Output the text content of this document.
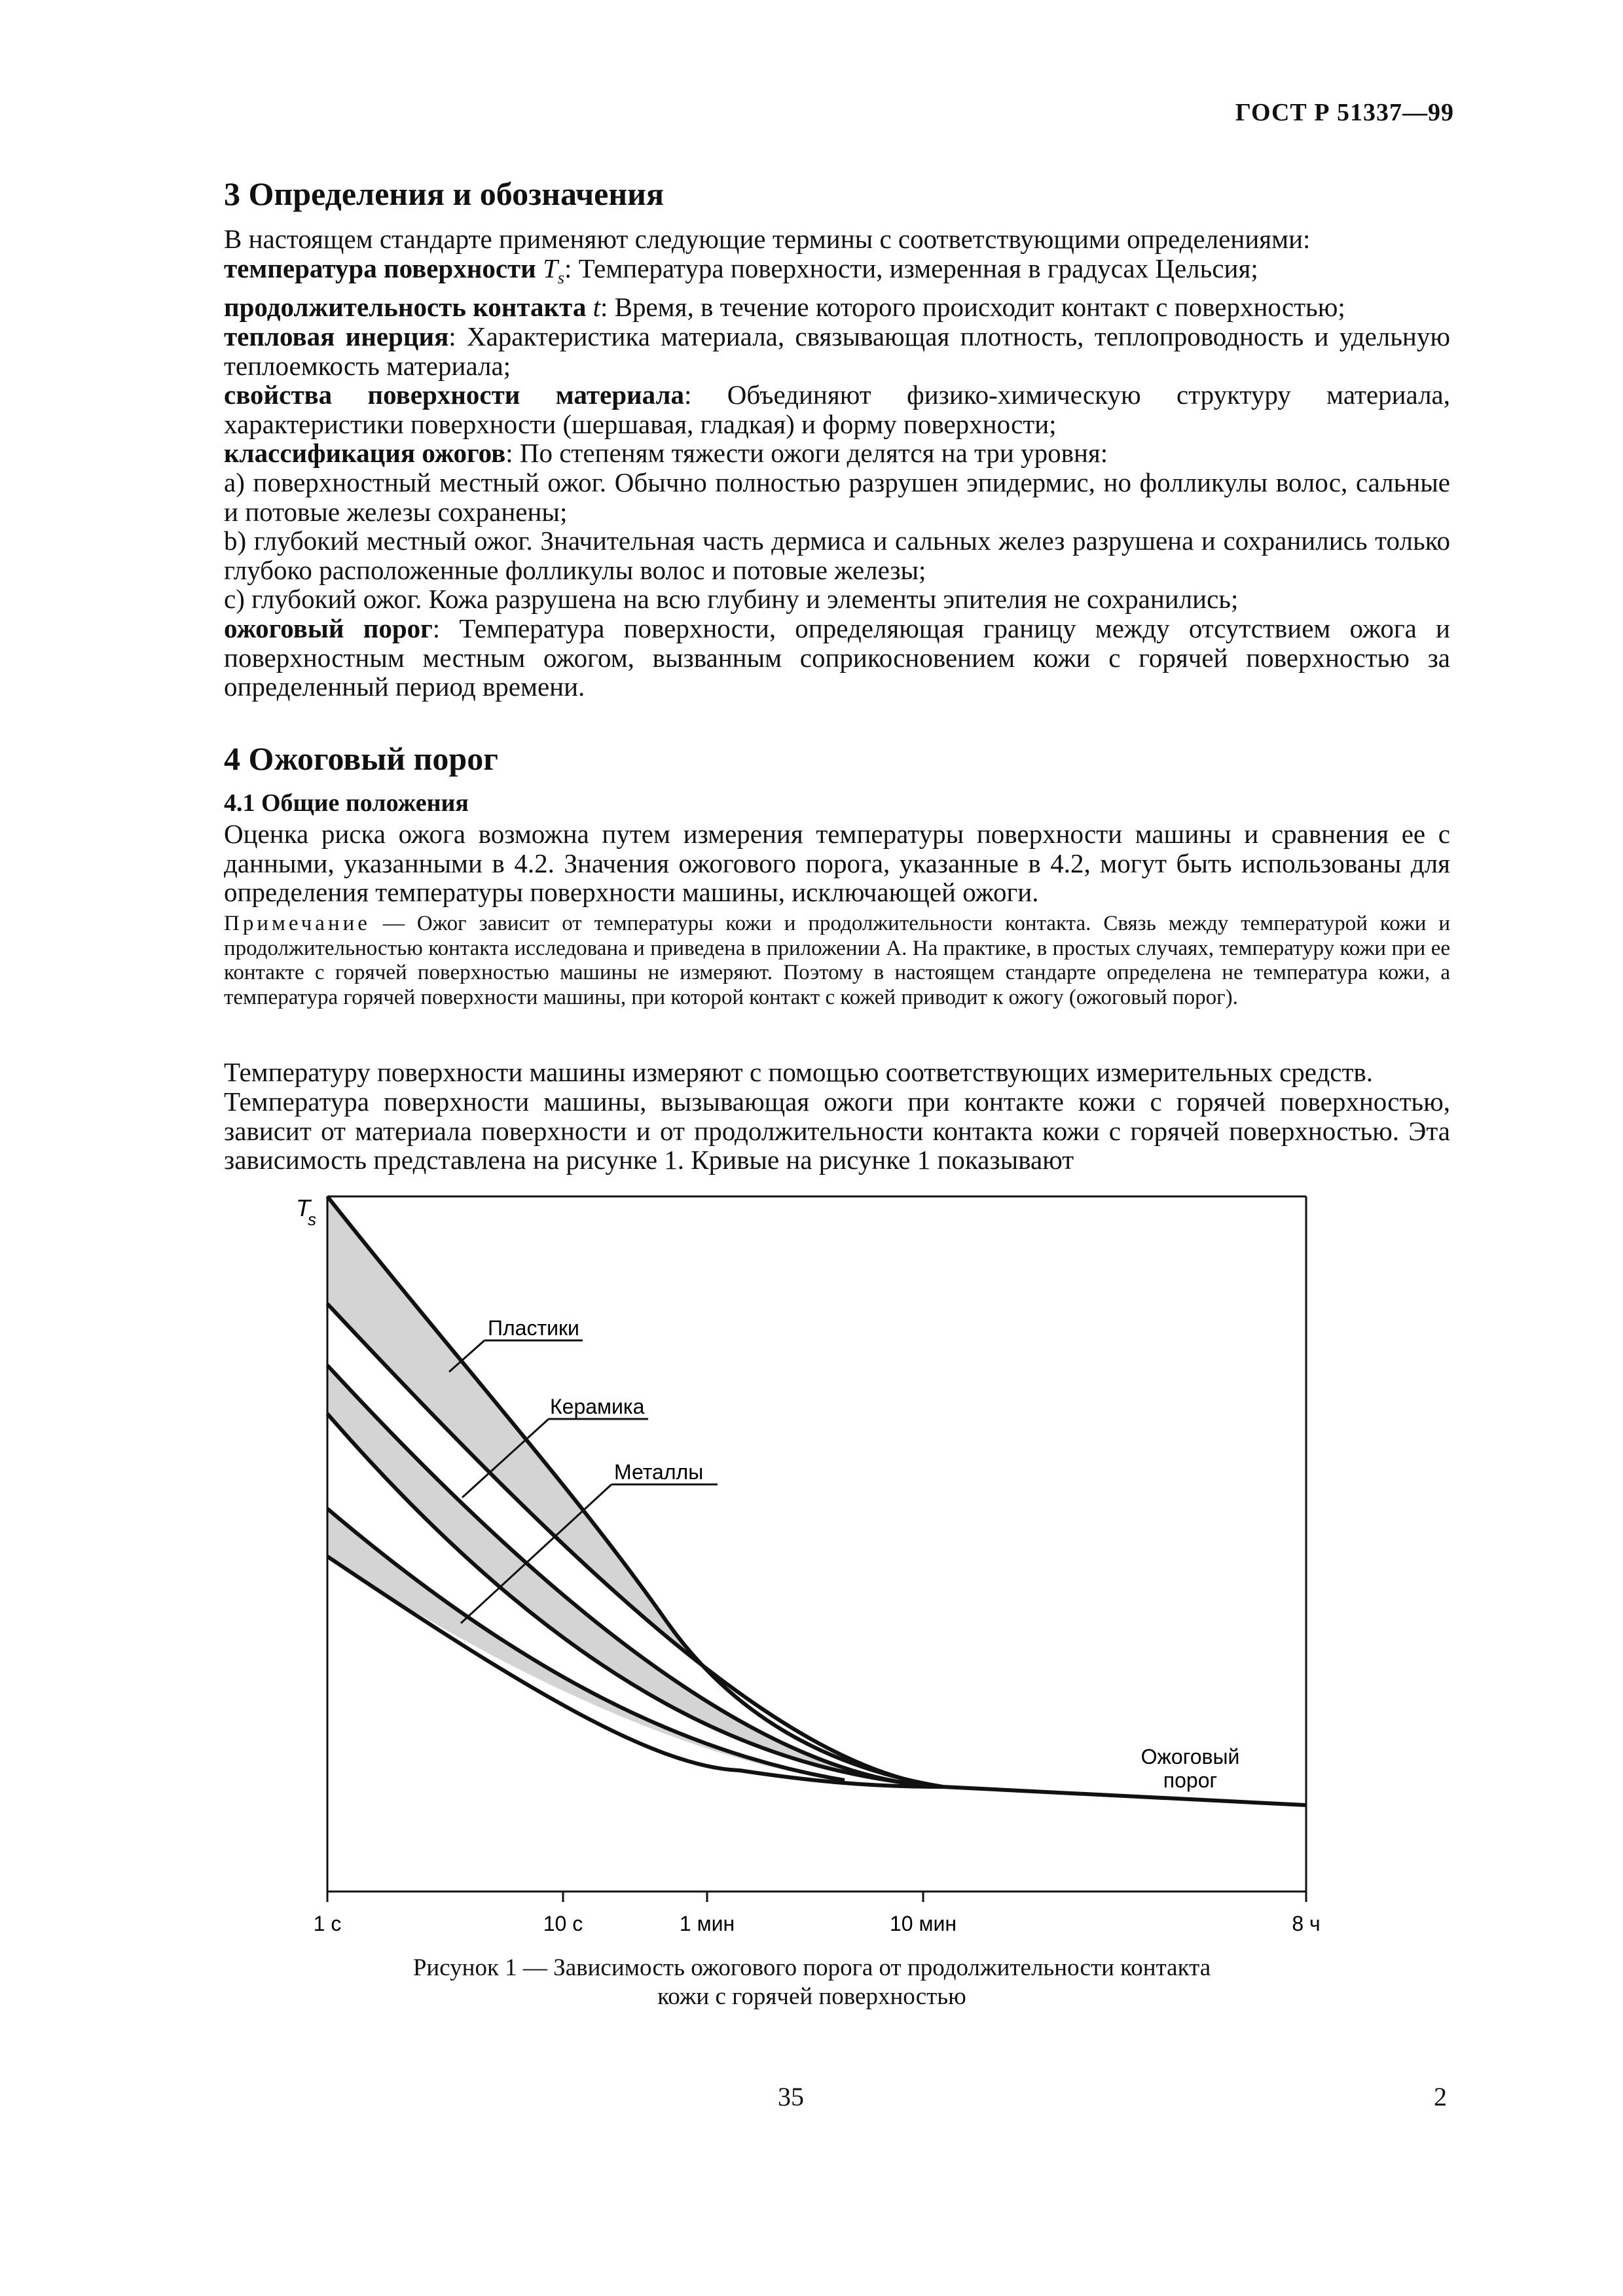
ГОСТ Р 51337—99
3 Определения и обозначения

В настоящем стандарте применяют следующие термины с соответствующими определениями:

температура поверхности $T_s$: Температура поверхности, измеренная в градусах Цельсия;

продолжительность контакта t: Время, в течение которого происходит контакт с поверхностью;

тепловая инерция: Характеристика материала, связывающая плотность, теплопроводность и удельную теплоемкость материала;

свойства поверхности материала: Объединяют физико-химическую структуру материала, характеристики поверхности (шершавая, гладкая) и форму поверхности;

классификация ожогов: По степеням тяжести ожоги делятся на три уровня:

a) поверхностный местный ожог. Обычно полностью разрушен эпидермис, но фолликулы волос, сальные и потовые железы сохранены;

b) глубокий местный ожог. Значительная часть дермиса и сальных желез разрушена и сохранились только глубоко расположенные фолликулы волос и потовые железы;

c) глубокий ожог. Кожа разрушена на всю глубину и элементы эпителия не сохранились;

ожоговый порог: Температура поверхности, определяющая границу между отсутствием ожога и поверхностным местным ожогом, вызванным соприкосновением кожи с горячей поверхностью за определенный период времени.

4 Ожоговый порог
4.1 Общие положения

Оценка риска ожога возможна путем измерения температуры поверхности машины и сравнения ее с данными, указанными в 4.2. Значения ожогового порога, указанные в 4.2, могут быть использованы для определения температуры поверхности машины, исключающей ожоги.

Примечание — Ожог зависит от температуры кожи и продолжительности контакта. Связь между температурой кожи и продолжительностью контакта исследована и приведена в приложении А. На практике, в простых случаях, температуру кожи при ее контакте с горячей поверхностью машины не измеряют. Поэтому в настоящем стандарте определена не температура кожи, а температура горячей поверхности машины, при которой контакт с кожей приводит к ожогу (ожоговый порог).

Температуру поверхности машины измеряют с помощью соответствующих измерительных средств.

Температура поверхности машины, вызывающая ожоги при контакте кожи с горячей поверхностью, зависит от материала поверхности и от продолжительности контакта кожи с горячей поверхностью. Эта зависимость представлена на рисунке 1. Кривые на рисунке 1 показывают

T
s
1 с	10 с	1 мин	10 мин	8 ч
Пластики
Керамика
Металлы
Ожоговый
порог
Рисунок 1 — Зависимость ожогового порога от продолжительности контакта
кожи с горячей поверхностью
35	2
